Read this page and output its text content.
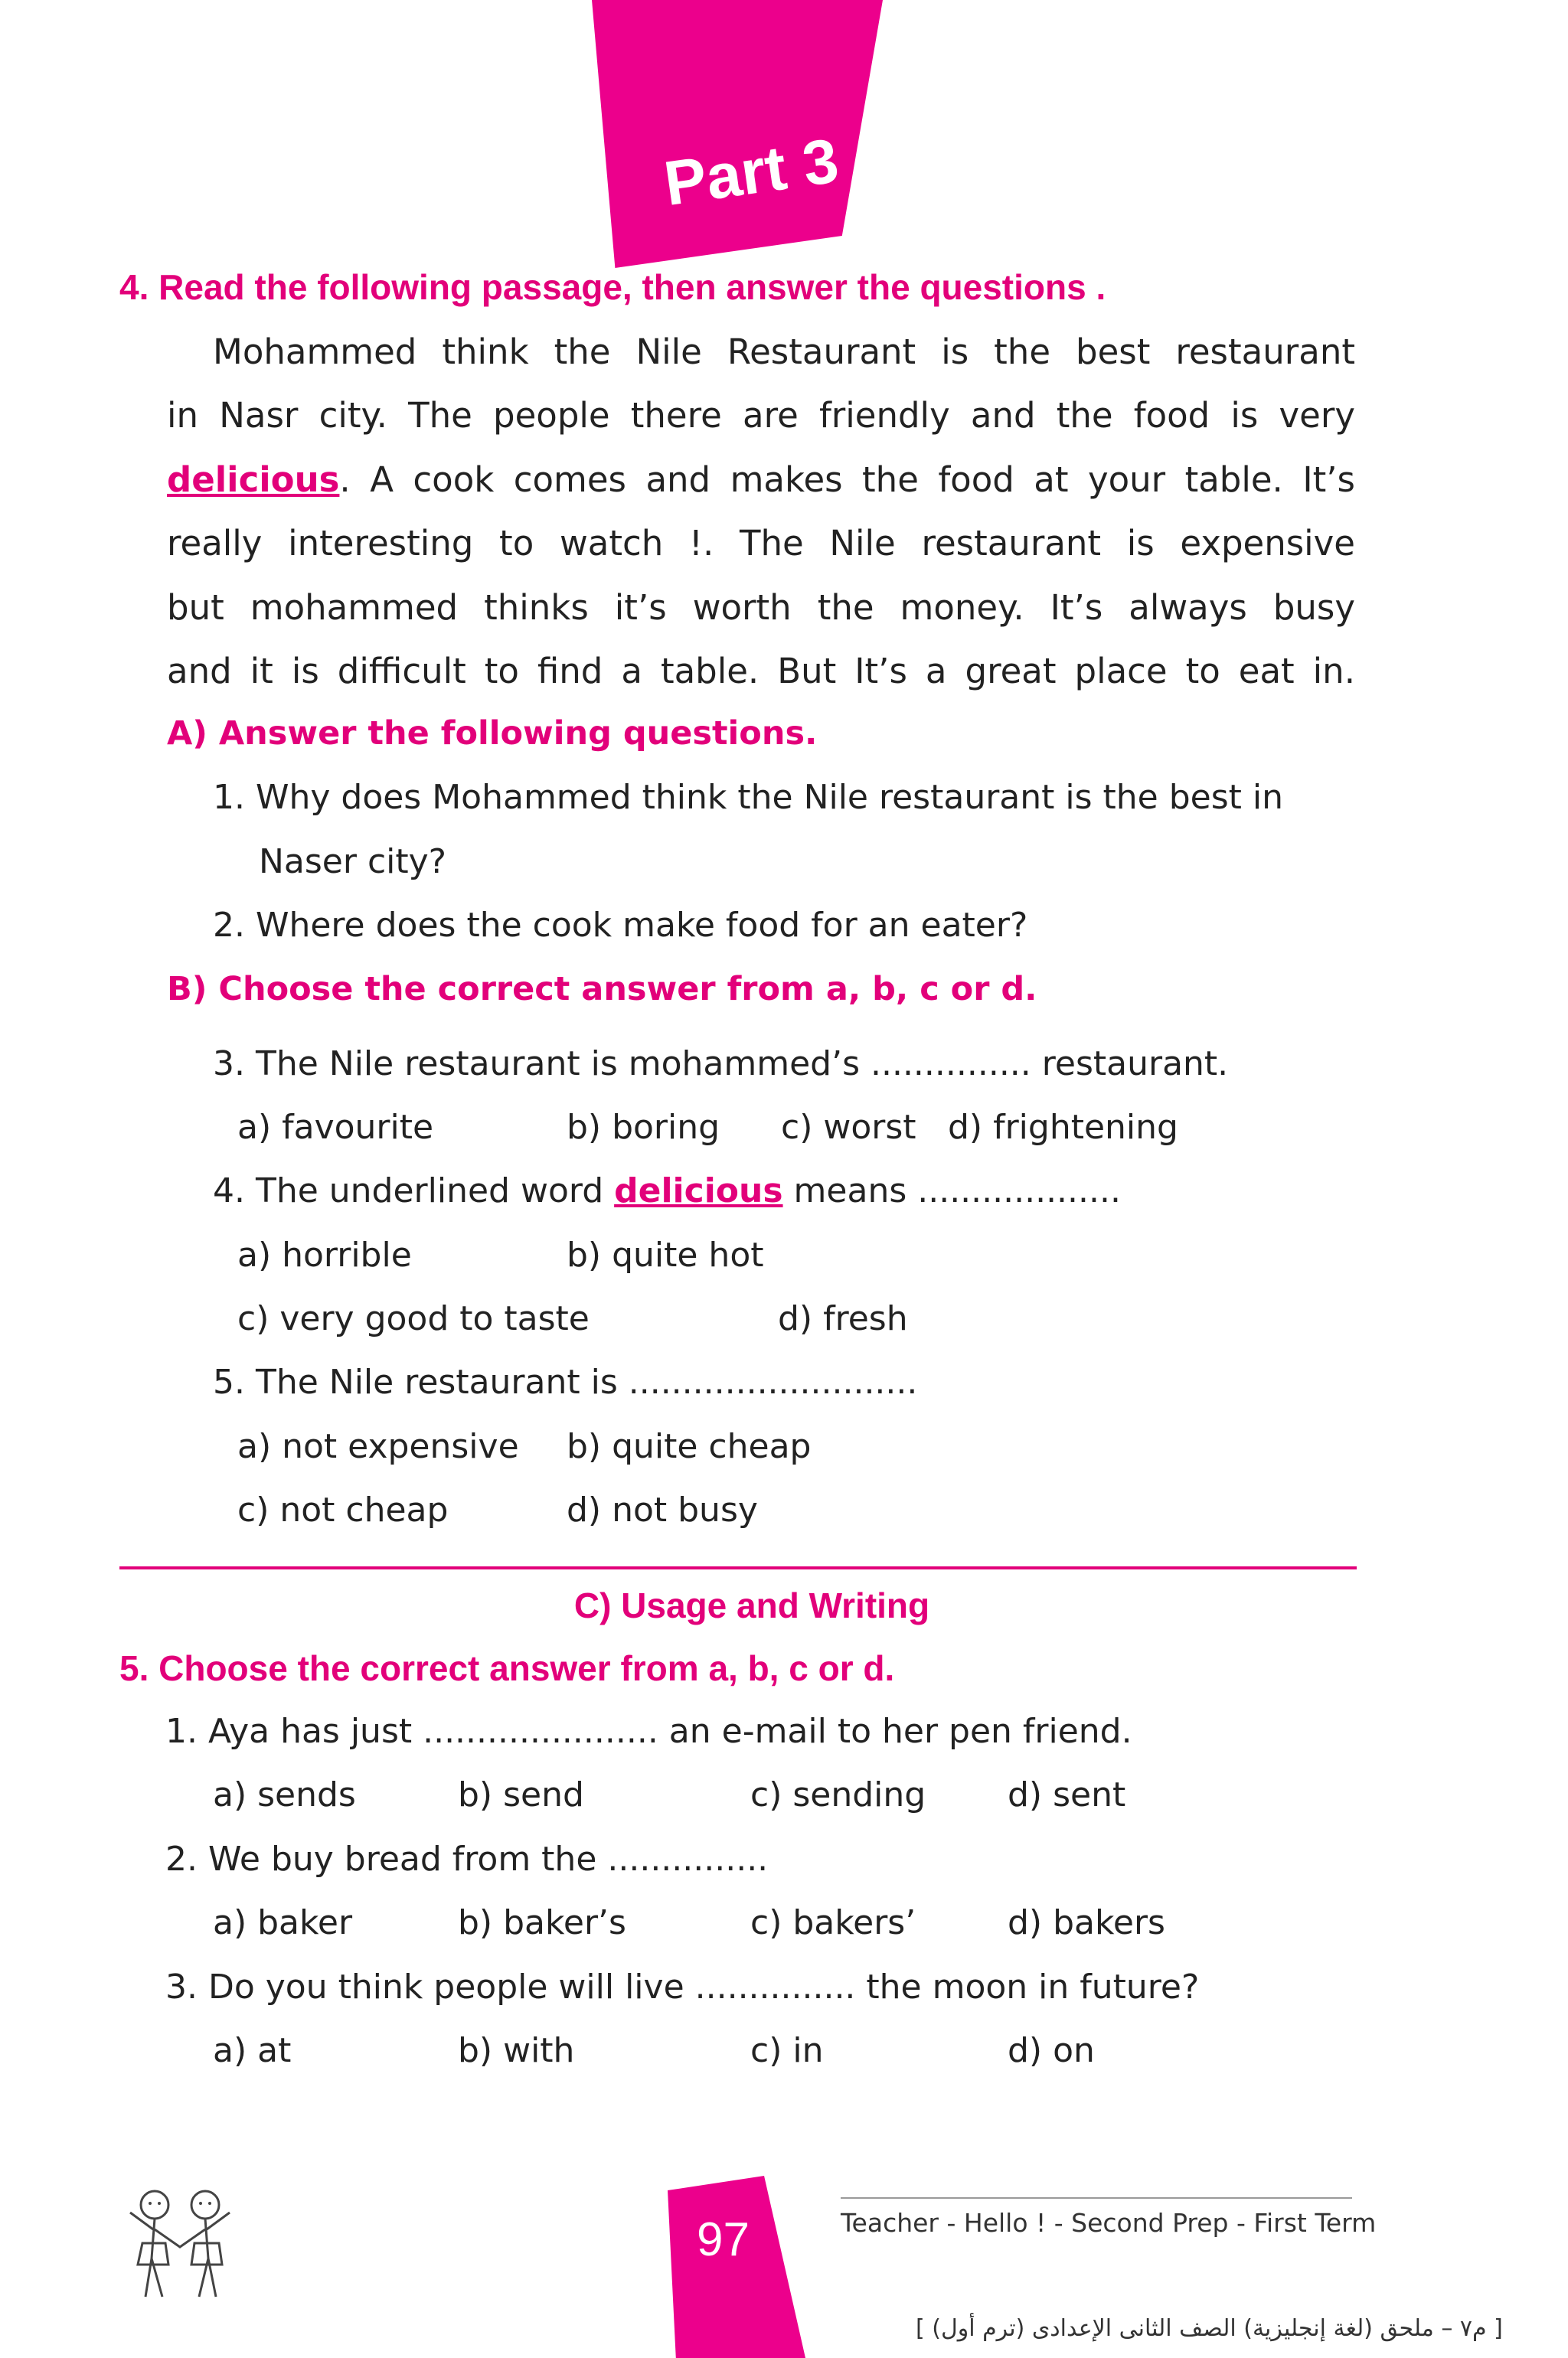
Part 3
4. Read the following passage, then answer the questions .

Mohammed think the Nile Restaurant is the best restaurant

in Nasr city. The people there are friendly and the food is very

delicious. A cook comes and makes the food at your table. It’s

really interesting to watch !. The Nile restaurant is expensive

but mohammed thinks it’s worth the money. It’s always busy

and it is difficult to find a table. But It’s a great place to eat in.

A) Answer the following questions.
1. Why does Mohammed think the Nile restaurant is the best in
Naser city?
2. Where does the cook make food for an eater?
B) Choose the correct answer from a, b, c or d.
3. The Nile restaurant is mohammed’s ............... restaurant.
a) favourite	b) boring c) worst d) frightening
4. The underlined word delicious means ...................
a) horrible	b) quite hot
c) very good to taste	d) fresh
5. The Nile restaurant is ...........................
a) not expensive b) quite cheap
c) not cheap	d) not busy
C) Usage and Writing
5. Choose the correct answer from a, b, c or d.
1. Aya has just ...................... an e-mail to her pen friend.
a) sends	b) send	c) sending d) sent
2. We buy bread from the ...............
a) baker	b) baker’s	c) bakers’	d) bakers
3. Do you think people will live ............... the moon in future?
a) at	b) with	c) in	d) on
97	Teacher - Hello ! - Second Prep - First Term
[ م٧ – ملحق (لغة إنجليزية) الصف الثانى الإعدادى (ترم أول) ]
